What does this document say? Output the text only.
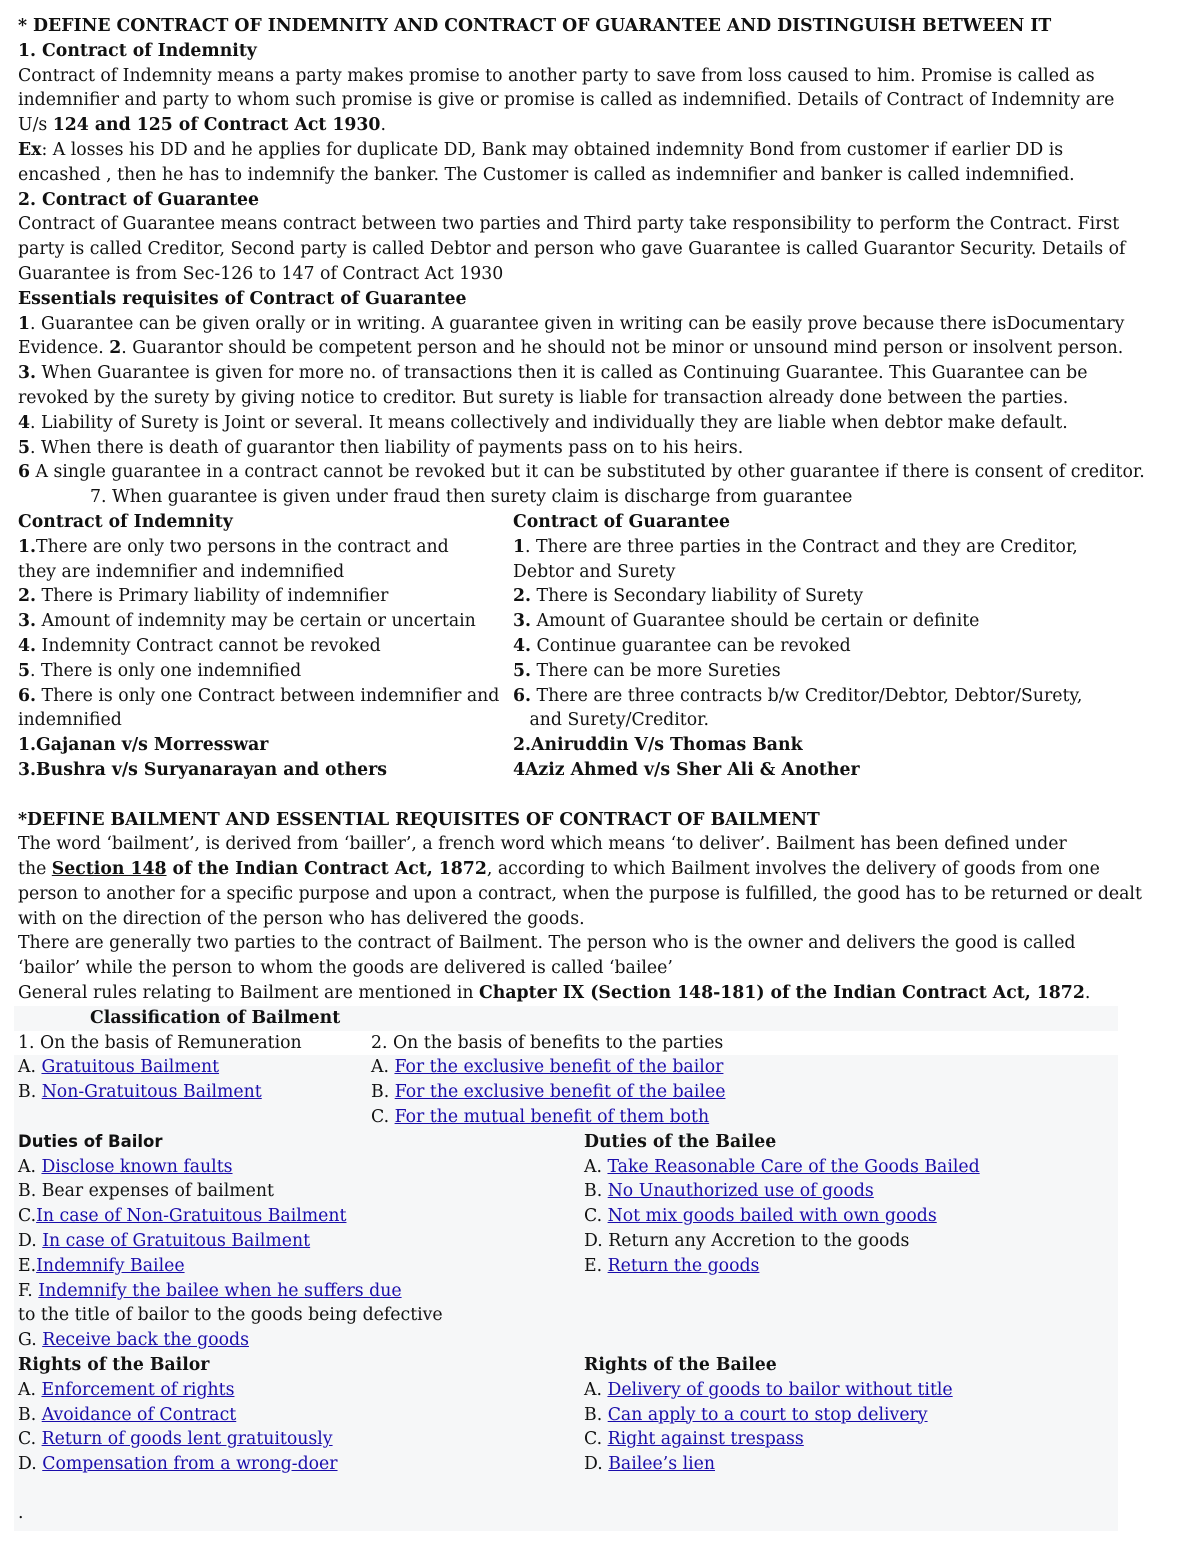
* DEFINE CONTRACT OF INDEMNITY AND CONTRACT OF GUARANTEE AND DISTINGUISH BETWEEN IT
1. Contract of Indemnity
Contract of Indemnity means a party makes promise to another party to save from loss caused to him. Promise is called as
indemnifier and party to whom such promise is give or promise is called as indemnified. Details of Contract of Indemnity are
U/s 124 and 125 of Contract Act 1930.
Ex: A losses his DD and he applies for duplicate DD, Bank may obtained indemnity Bond from customer if earlier DD is
encashed , then he has to indemnify the banker. The Customer is called as indemnifier and banker is called indemnified.
2. Contract of Guarantee
Contract of Guarantee means contract between two parties and Third party take responsibility to perform the Contract. First
party is called Creditor, Second party is called Debtor and person who gave Guarantee is called Guarantor Security. Details of
Guarantee is from Sec-126 to 147 of Contract Act 1930
Essentials requisites of Contract of Guarantee
1. Guarantee can be given orally or in writing. A guarantee given in writing can be easily prove because there isDocumentary
Evidence. 2. Guarantor should be competent person and he should not be minor or unsound mind person or insolvent person.
3. When Guarantee is given for more no. of transactions then it is called as Continuing Guarantee. This Guarantee can be
revoked by the surety by giving notice to creditor. But surety is liable for transaction already done between the parties.
4. Liability of Surety is Joint or several. It means collectively and individually they are liable when debtor make default.
5. When there is death of guarantor then liability of payments pass on to his heirs.
6 A single guarantee in a contract cannot be revoked but it can be substituted by other guarantee if there is consent of creditor.
7. When guarantee is given under fraud then surety claim is discharge from guarantee
Contract of Indemnity	Contract of Guarantee
1.There are only two persons in the contract and	1. There are three parties in the Contract and they are Creditor,
they are indemnifier and indemnified	Debtor and Surety
2. There is Primary liability of indemnifier	2. There is Secondary liability of Surety
3. Amount of indemnity may be certain or uncertain	3. Amount of Guarantee should be certain or definite
4. Indemnity Contract cannot be revoked	4. Continue guarantee can be revoked
5. There is only one indemnified	5. There can be more Sureties
6. There is only one Contract between indemnifier and 6. There are three contracts b/w Creditor/Debtor, Debtor/Surety,
indemnified	and Surety/Creditor.
1.Gajanan v/s Morresswar	2.Aniruddin V/s Thomas Bank
3.Bushra v/s Suryanarayan and others	4Aziz Ahmed v/s Sher Ali & Another
*DEFINE BAILMENT AND ESSENTIAL REQUISITES OF CONTRACT OF BAILMENT
The word ‘bailment’, is derived from ‘bailler’, a french word which means ‘to deliver’. Bailment has been defined under
the Section 148 of the Indian Contract Act, 1872, according to which Bailment involves the delivery of goods from one
person to another for a specific purpose and upon a contract, when the purpose is fulfilled, the good has to be returned or dealt
with on the direction of the person who has delivered the goods.
There are generally two parties to the contract of Bailment. The person who is the owner and delivers the good is called
‘bailor’ while the person to whom the goods are delivered is called ‘bailee’
General rules relating to Bailment are mentioned in Chapter IX (Section 148-181) of the Indian Contract Act, 1872.
Classification of Bailment
1. On the basis of Remuneration	2. On the basis of benefits to the parties
A. Gratuitous Bailment	A. For the exclusive benefit of the bailor
B. Non-Gratuitous Bailment	B. For the exclusive benefit of the bailee
C. For the mutual benefit of them both
Duties of Bailor	Duties of the Bailee
A. Disclose known faults	A. Take Reasonable Care of the Goods Bailed
B. Bear expenses of bailment	B. No Unauthorized use of goods
C.In case of Non-Gratuitous Bailment	C. Not mix goods bailed with own goods
D. In case of Gratuitous Bailment	D. Return any Accretion to the goods
E.Indemnify Bailee	E. Return the goods
F. Indemnify the bailee when he suffers due
to the title of bailor to the goods being defective
G. Receive back the goods
Rights of the Bailor	Rights of the Bailee
A. Enforcement of rights	A. Delivery of goods to bailor without title
B. Avoidance of Contract	B. Can apply to a court to stop delivery
C. Return of goods lent gratuitously	C. Right against trespass
D. Compensation from a wrong-doer	D. Bailee’s lien
.
